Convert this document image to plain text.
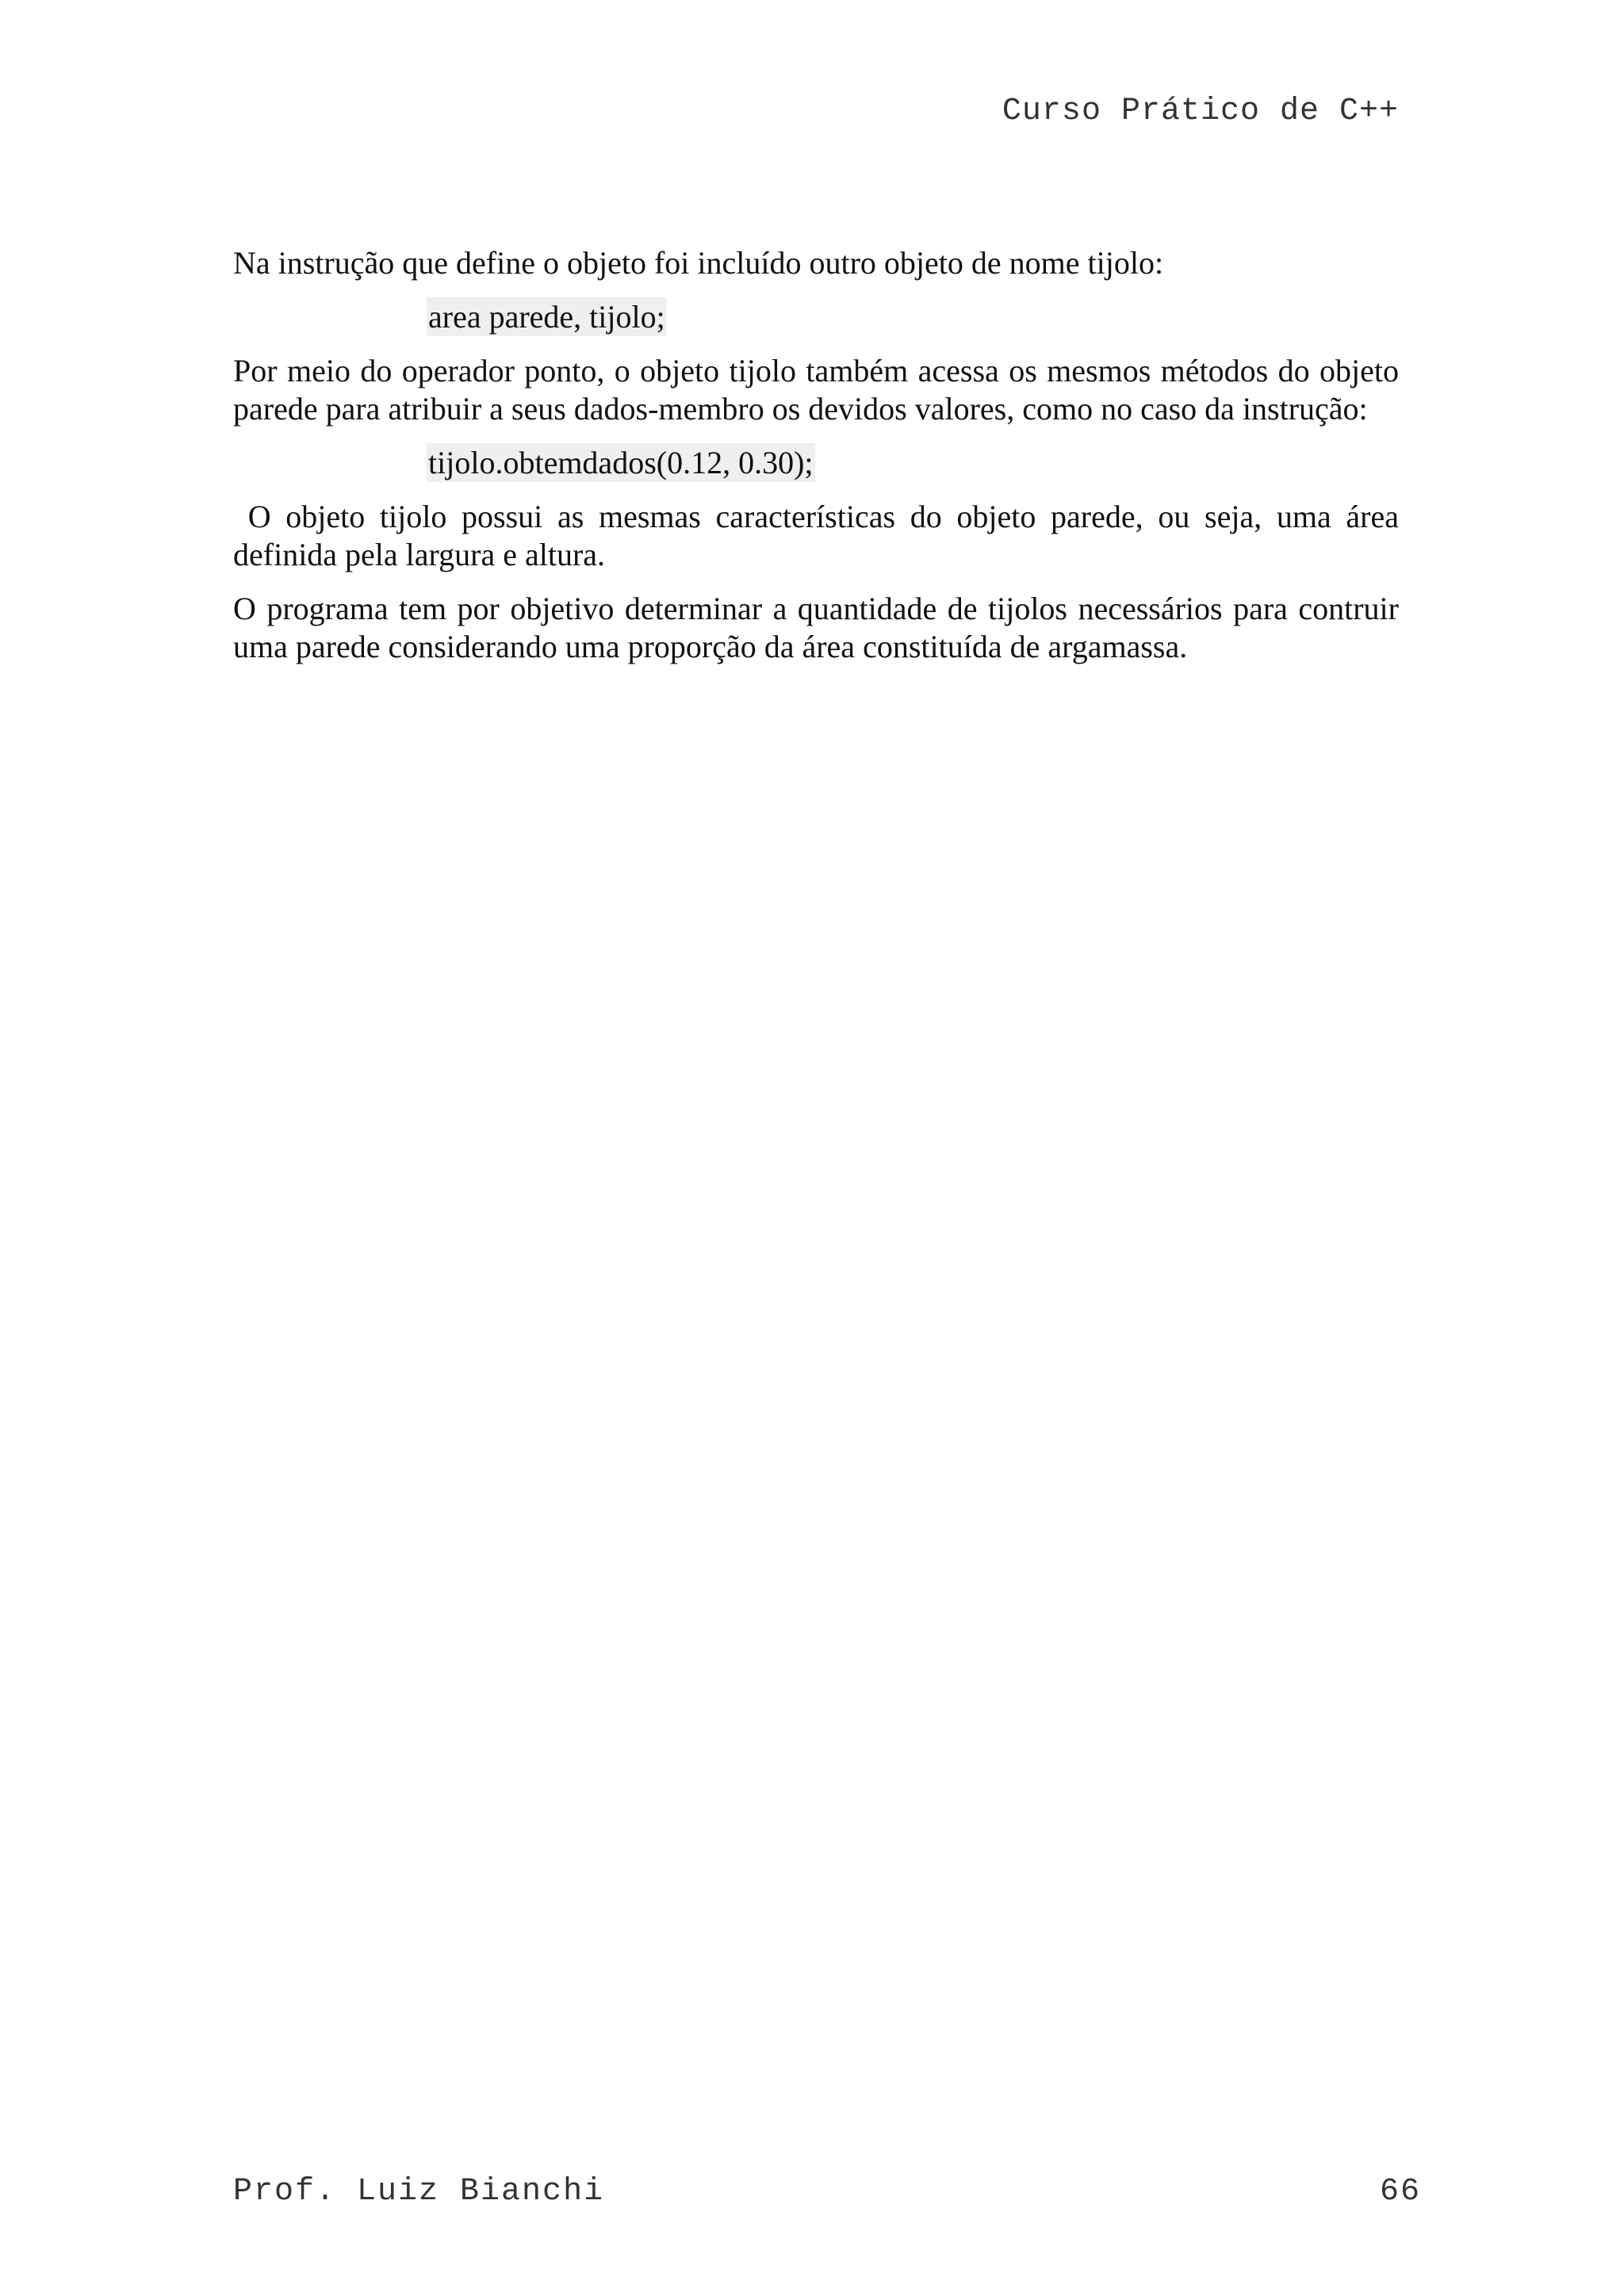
Curso Prático de C++

Na instrução que define o objeto foi incluído outro objeto de nome tijolo:

area parede, tijolo;

Por meio do operador ponto, o objeto tijolo também acessa os mesmos métodos do objeto parede para atribuir a seus dados-membro os devidos valores, como no caso da instrução:

tijolo.obtemdados(0.12, 0.30);

O objeto tijolo possui as mesmas características do objeto parede, ou seja, uma área definida pela largura e altura.

O programa tem por objetivo determinar a quantidade de tijolos necessários para contruir uma parede considerando uma proporção da área constituída de argamassa.

Prof. Luiz Bianchi	66
